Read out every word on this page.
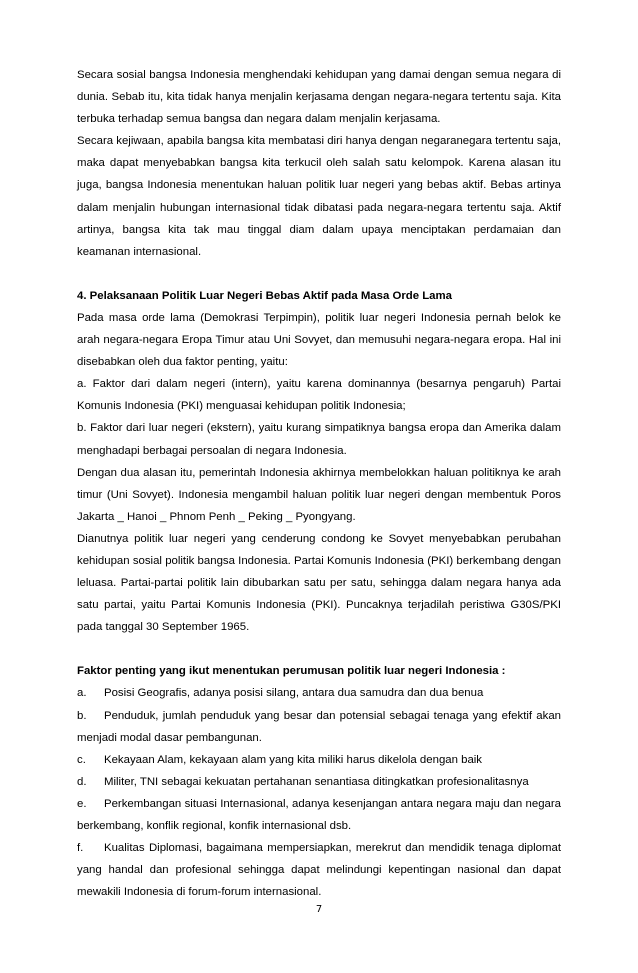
Secara sosial bangsa Indonesia menghendaki kehidupan yang damai dengan semua negara di dunia. Sebab itu, kita tidak hanya menjalin kerjasama dengan negara-negara tertentu saja. Kita terbuka terhadap semua bangsa dan negara dalam menjalin kerjasama.

Secara kejiwaan, apabila bangsa kita membatasi diri hanya dengan negaranegara tertentu saja, maka dapat menyebabkan bangsa kita terkucil oleh salah satu kelompok. Karena alasan itu juga, bangsa Indonesia menentukan haluan politik luar negeri yang bebas aktif. Bebas artinya dalam menjalin hubungan internasional tidak dibatasi pada negara-negara tertentu saja. Aktif artinya, bangsa kita tak mau tinggal diam dalam upaya menciptakan perdamaian dan keamanan internasional.

4. Pelaksanaan Politik Luar Negeri Bebas Aktif pada Masa Orde Lama

Pada masa orde lama (Demokrasi Terpimpin), politik luar negeri Indonesia pernah belok ke arah negara-negara Eropa Timur atau Uni Sovyet, dan memusuhi negara-negara eropa. Hal ini disebabkan oleh dua faktor penting, yaitu:

a. Faktor dari dalam negeri (intern), yaitu karena dominannya (besarnya pengaruh) Partai Komunis Indonesia (PKI) menguasai kehidupan politik Indonesia;

b. Faktor dari luar negeri (ekstern), yaitu kurang simpatiknya bangsa eropa dan Amerika dalam menghadapi berbagai persoalan di negara Indonesia.

Dengan dua alasan itu, pemerintah Indonesia akhirnya membelokkan haluan politiknya ke arah timur (Uni Sovyet). Indonesia mengambil haluan politik luar negeri dengan membentuk Poros Jakarta _ Hanoi _ Phnom Penh _ Peking _ Pyongyang.

Dianutnya politik luar negeri yang cenderung condong ke Sovyet menyebabkan perubahan kehidupan sosial politik bangsa Indonesia. Partai Komunis Indonesia (PKI) berkembang dengan leluasa. Partai-partai politik lain dibubarkan satu per satu, sehingga dalam negara hanya ada satu partai, yaitu Partai Komunis Indonesia (PKI). Puncaknya terjadilah peristiwa G30S/PKI pada tanggal 30 September 1965.

Faktor penting yang ikut menentukan perumusan politik luar negeri Indonesia :

a. Posisi Geografis, adanya posisi silang, antara dua samudra dan dua benua

b. Penduduk, jumlah penduduk yang besar dan potensial sebagai tenaga yang efektif akan menjadi modal dasar pembangunan.

c. Kekayaan Alam, kekayaan alam yang kita miliki harus dikelola dengan baik

d. Militer, TNI sebagai kekuatan pertahanan senantiasa ditingkatkan profesionalitasnya

e. Perkembangan situasi Internasional, adanya kesenjangan antara negara maju dan negara berkembang, konflik regional, konfik internasional dsb.

f. Kualitas Diplomasi, bagaimana mempersiapkan, merekrut dan mendidik tenaga diplomat yang handal dan profesional sehingga dapat melindungi kepentingan nasional dan dapat mewakili Indonesia di forum-forum internasional.

7
